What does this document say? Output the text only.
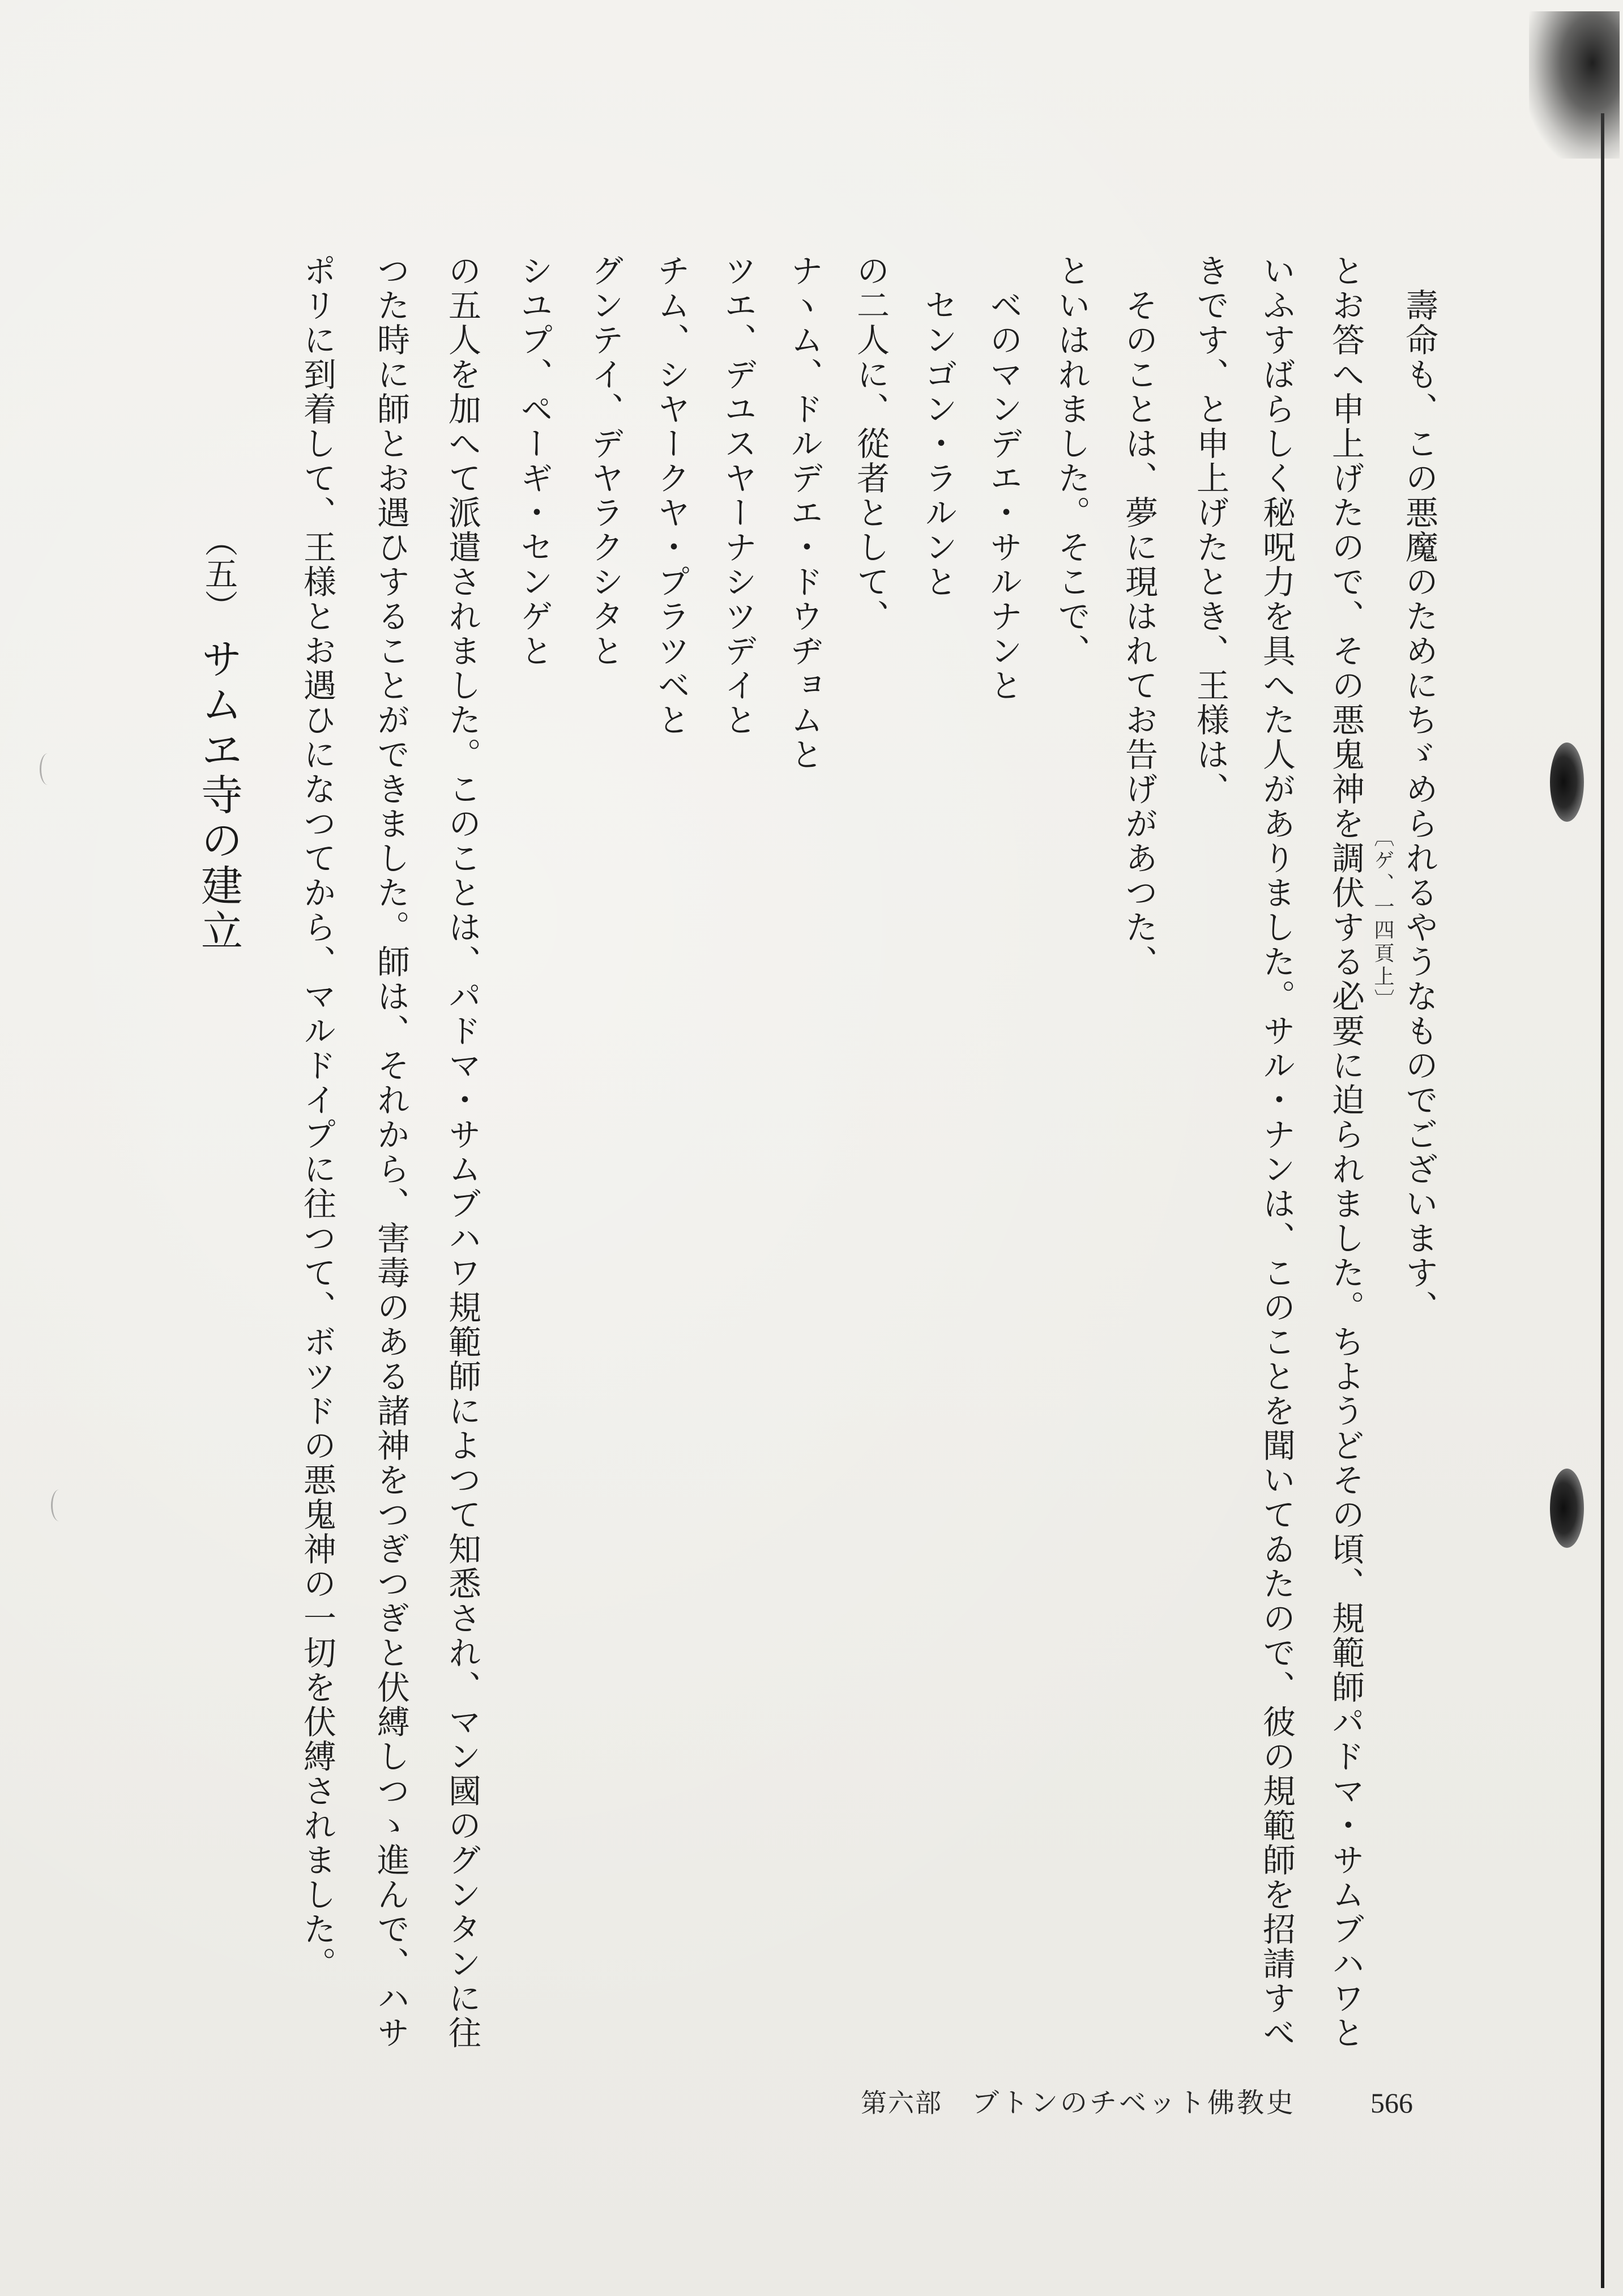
壽命も、この悪魔のためにちゞめられるやうなものでございます、
とお答へ申上げたので、その悪鬼神を調伏する必要に迫られました。ちようどその頃、規範師パドマ・サムブハワと
いふすばらしく秘呪力を具へた人がありました。サル・ナンは、このことを聞いてゐたので、彼の規範師を招請すべ
きです、と申上げたとき、王様は、
そのことは、夢に現はれてお告げがあつた、
といはれました。そこで、
ベのマンデエ・サルナンと
センゴン・ラルンと
の二人に、從者として、
ナヽム、ドルデエ・ドウヂョムと
ツエ、デユスヤーナシツデイと
チム、シヤークヤ・プラツベと
グンテイ、デヤラクシタと
シユプ、ペーギ・センゲと
の五人を加へて派遣されました。このことは、パドマ・サムブハワ規範師によつて知悉され、マン國のグンタンに往
つた時に師とお遇ひすることができました。師は、それから、害毒のある諸神をつぎつぎと伏縛しつゝ進んで、ハサ
ポリに到着して、王様とお遇ひになつてから、マルドイプに往つて、ボツドの悪鬼神の一切を伏縛されました。	〔ゲ、一四頁上〕
（五）
サムヱ寺の建立
第六部 ブトンのチベット佛教史	566
